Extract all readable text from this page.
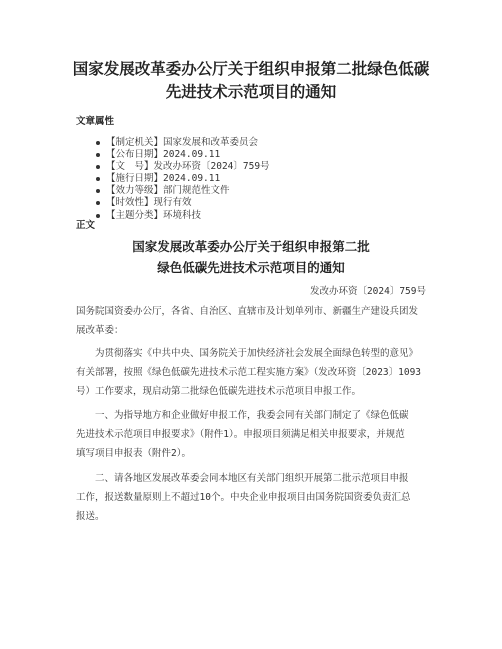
国家发展改革委办公厅关于组织申报第二批绿色低碳
先进技术示范项目的通知
文章属性
【制定机关】国家发展和改革委员会
【公布日期】2024.09.11
【文　号】发改办环资〔2024〕759号
【施行日期】2024.09.11
【效力等级】部门规范性文件
【时效性】现行有效
【主题分类】环境科技
正文
国家发展改革委办公厅关于组织申报第二批
绿色低碳先进技术示范项目的通知
发改办环资〔2024〕759号

国务院国资委办公厅，各省、自治区、直辖市及计划单列市、新疆生产建设兵团发
展改革委：

为贯彻落实《中共中央、国务院关于加快经济社会发展全面绿色转型的意见》
有关部署，按照《绿色低碳先进技术示范工程实施方案》（发改环资〔2023〕1093
号）工作要求，现启动第二批绿色低碳先进技术示范项目申报工作。

一、为指导地方和企业做好申报工作，我委会同有关部门制定了《绿色低碳
先进技术示范项目申报要求》（附件1）。申报项目须满足相关申报要求，并规范
填写项目申报表（附件2）。

二、请各地区发展改革委会同本地区有关部门组织开展第二批示范项目申报
工作，报送数量原则上不超过10个。中央企业申报项目由国务院国资委负责汇总
报送。
